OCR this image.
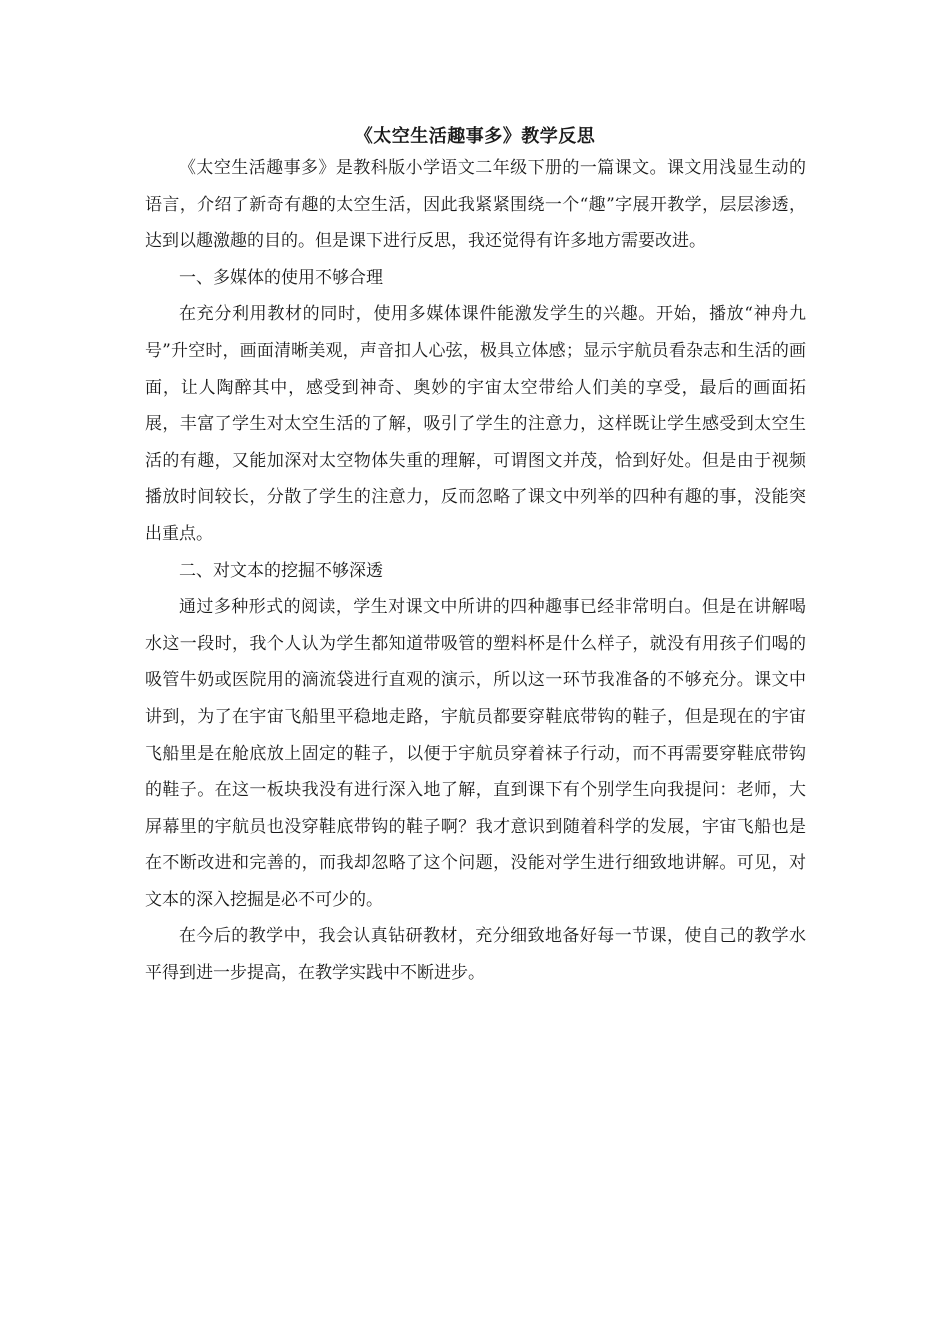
《太空生活趣事多》教学反思

《太空生活趣事多》是教科版小学语文二年级下册的一篇课文。课文用浅显生动的语言，介绍了新奇有趣的太空生活，因此我紧紧围绕一个“趣”字展开教学，层层渗透，达到以趣激趣的目的。但是课下进行反思，我还觉得有许多地方需要改进。

一、多媒体的使用不够合理

在充分利用教材的同时，使用多媒体课件能激发学生的兴趣。开始，播放“神舟九号”升空时，画面清晰美观，声音扣人心弦，极具立体感；显示宇航员看杂志和生活的画面，让人陶醉其中，感受到神奇、奥妙的宇宙太空带给人们美的享受，最后的画面拓展，丰富了学生对太空生活的了解，吸引了学生的注意力，这样既让学生感受到太空生活的有趣，又能加深对太空物体失重的理解，可谓图文并茂，恰到好处。但是由于视频播放时间较长，分散了学生的注意力，反而忽略了课文中列举的四种有趣的事，没能突出重点。

二、对文本的挖掘不够深透

通过多种形式的阅读，学生对课文中所讲的四种趣事已经非常明白。但是在讲解喝水这一段时，我个人认为学生都知道带吸管的塑料杯是什么样子，就没有用孩子们喝的吸管牛奶或医院用的滴流袋进行直观的演示，所以这一环节我准备的不够充分。课文中讲到，为了在宇宙飞船里平稳地走路，宇航员都要穿鞋底带钩的鞋子，但是现在的宇宙飞船里是在舱底放上固定的鞋子，以便于宇航员穿着袜子行动，而不再需要穿鞋底带钩的鞋子。在这一板块我没有进行深入地了解，直到课下有个别学生向我提问：老师，大屏幕里的宇航员也没穿鞋底带钩的鞋子啊？我才意识到随着科学的发展，宇宙飞船也是在不断改进和完善的，而我却忽略了这个问题，没能对学生进行细致地讲解。可见，对文本的深入挖掘是必不可少的。

在今后的教学中，我会认真钻研教材，充分细致地备好每一节课，使自己的教学水平得到进一步提高，在教学实践中不断进步。
